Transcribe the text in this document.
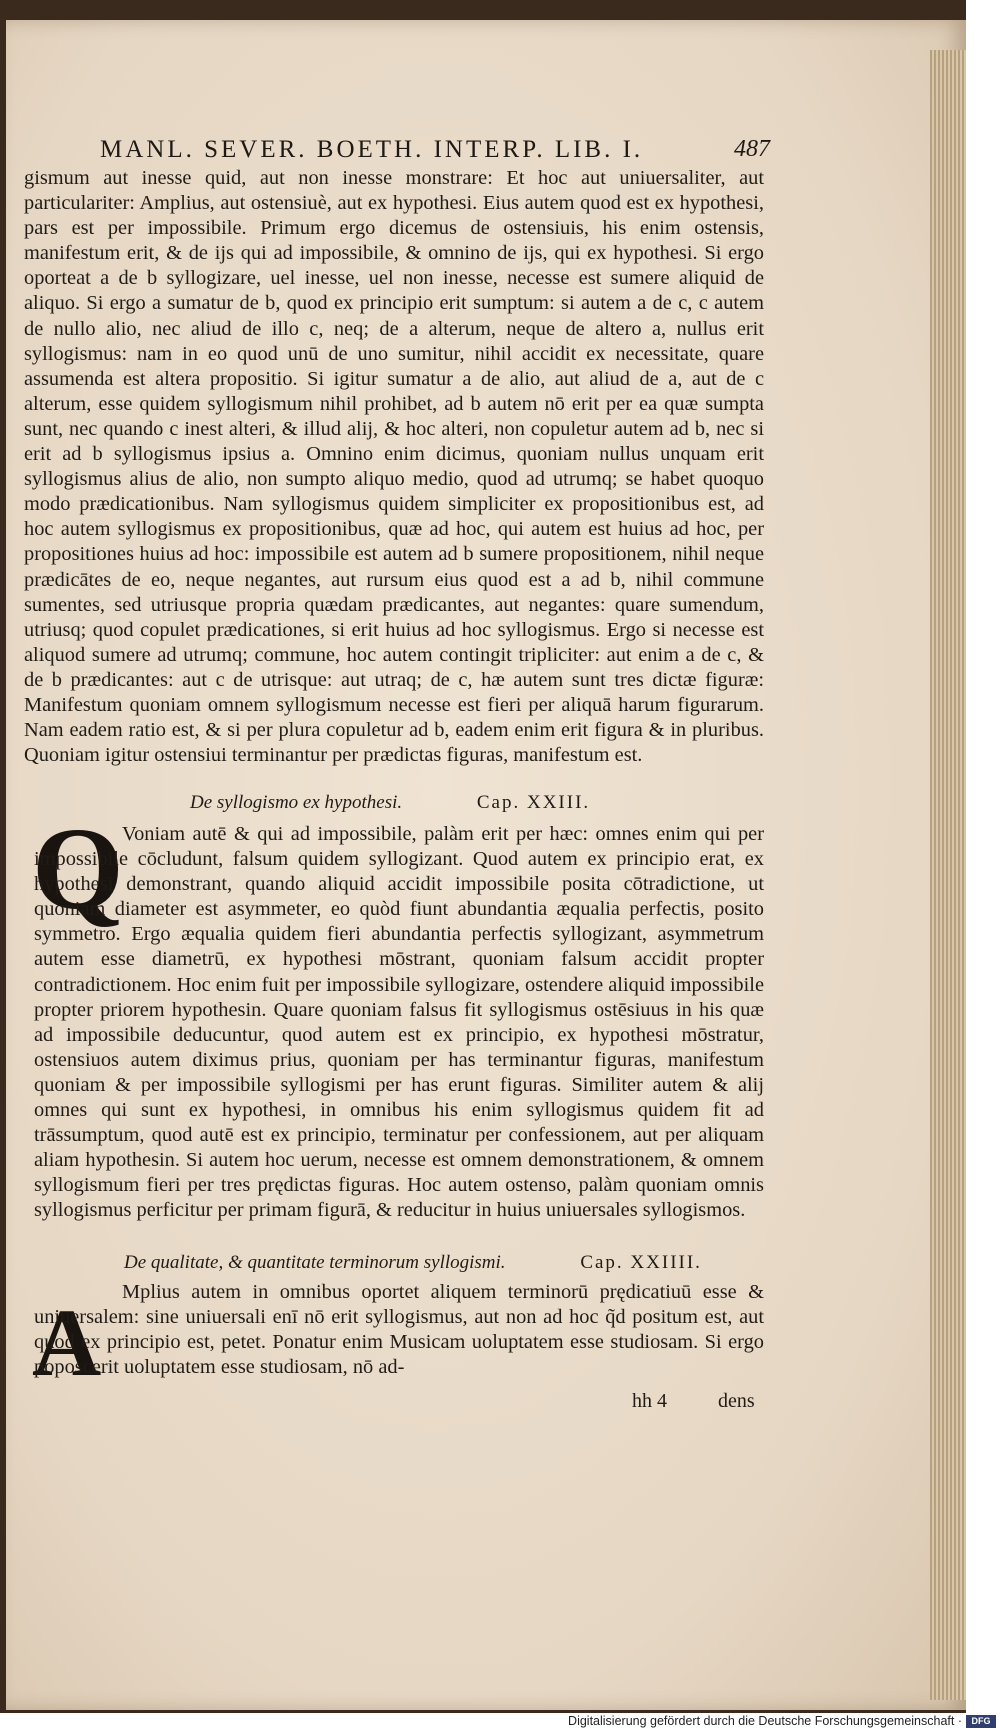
MANL. SEVER. BOETH. INTERP. LIB. I.	487

gismum aut inesse quid, aut non inesse monstrare: Et hoc aut uniuersaliter, aut particulariter: Amplius, aut ostensiuè, aut ex hypothesi. Eius autem quod est ex hypothesi, pars est per impossibile. Primum ergo dicemus de ostensiuis, his enim ostensis, manifestum erit, & de ijs qui ad impossibile, & omnino de ijs, qui ex hypothesi. Si ergo oporteat a de b syllogizare, uel inesse, uel non inesse, necesse est sumere aliquid de aliquo. Si ergo a sumatur de b, quod ex principio erit sumptum: si autem a de c, c autem de nullo alio, nec aliud de illo c, neq; de a alterum, neque de altero a, nullus erit syllogismus: nam in eo quod unū de uno sumitur, nihil accidit ex necessitate, quare assumenda est altera propositio. Si igitur sumatur a de alio, aut aliud de a, aut de c alterum, esse quidem syllogismum nihil prohibet, ad b autem nō erit per ea quæ sumpta sunt, nec quando c inest alteri, & illud alij, & hoc alteri, non copuletur autem ad b, nec si erit ad b syllogismus ipsius a. Omnino enim dicimus, quoniam nullus unquam erit syllogismus alius de alio, non sumpto aliquo medio, quod ad utrumq; se habet quoquo modo prædicationibus. Nam syllogismus quidem simpliciter ex propositionibus est, ad hoc autem syllogismus ex propositionibus, quæ ad hoc, qui autem est huius ad hoc, per propositiones huius ad hoc: impossibile est autem ad b sumere propositionem, nihil neque prædicātes de eo, neque negantes, aut rursum eius quod est a ad b, nihil commune sumentes, sed utriusque propria quædam prædicantes, aut negantes: quare sumendum, utriusq; quod copulet prædicationes, si erit huius ad hoc syllogismus. Ergo si necesse est aliquod sumere ad utrumq; commune, hoc autem contingit tripliciter: aut enim a de c, & de b prædicantes: aut c de utrisque: aut utraq; de c, hæ autem sunt tres dictæ figuræ: Manifestum quoniam omnem syllogismum necesse est fieri per aliquā harum figurarum. Nam eadem ratio est, & si per plura copuletur ad b, eadem enim erit figura & in pluribus. Quoniam igitur ostensiui terminantur per prædictas figuras, manifestum est.

De syllogismo ex hypothesi.	Cap. XXIII.
Q

Voniam autē & qui ad impossibile, palàm erit per hæc: omnes enim qui per impossibile cōcludunt, falsum quidem syllogizant. Quod autem ex principio erat, ex hypothesi demonstrant, quando aliquid accidit impossibile posita cōtradictione, ut quoniam diameter est asymmeter, eo quòd fiunt abundantia æqualia perfectis, posito symmetro. Ergo æqualia quidem fieri abundantia perfectis syllogizant, asymmetrum autem esse diametrū, ex hypothesi mōstrant, quoniam falsum accidit propter contradictionem. Hoc enim fuit per impossibile syllogizare, ostendere aliquid impossibile propter priorem hypothesin. Quare quoniam falsus fit syllogismus ostēsiuus in his quæ ad impossibile deducuntur, quod autem est ex principio, ex hypothesi mōstratur, ostensiuos autem diximus prius, quoniam per has terminantur figuras, manifestum quoniam & per impossibile syllogismi per has erunt figuras. Similiter autem & alij omnes qui sunt ex hypothesi, in omnibus his enim syllogismus quidem fit ad trāssumptum, quod autē est ex principio, terminatur per confessionem, aut per aliquam aliam hypothesin. Si autem hoc uerum, necesse est omnem demonstrationem, & omnem syllogismum fieri per tres prędictas figuras. Hoc autem ostenso, palàm quoniam omnis syllogismus perficitur per primam figurā, & reducitur in huius uniuersales syllogismos.

De qualitate, & quantitate terminorum syllogismi.	Cap. XXIIII.
A	Mplius autem in omnibus oportet aliquem terminorū prędicatiuū esse & uniuersalem: sine uniuersali enī nō erit syllogismus, aut non ad hoc q̃d positum est, aut quod ex principio est, petet. Ponatur enim Musicam uoluptatem esse studiosam. Si ergo poposcerit uoluptatem esse studiosam, nō ad-

hh 4	dens
Digitalisierung gefördert durch die Deutsche Forschungsgemeinschaft ·	DFG
